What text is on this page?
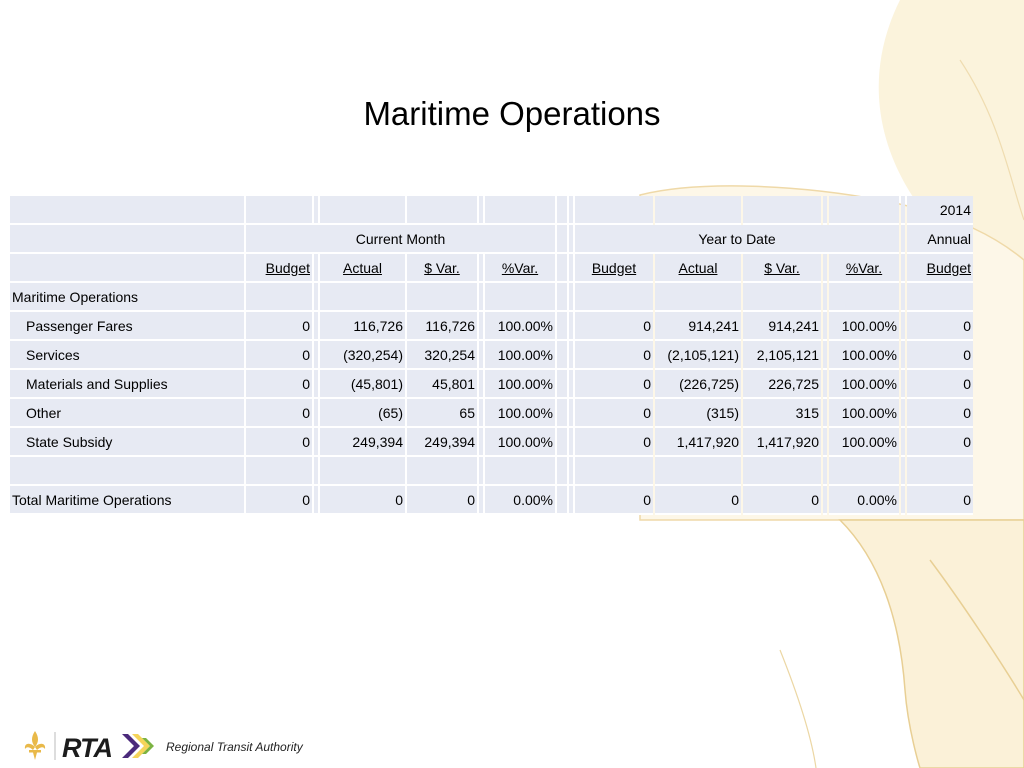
Maritime Operations
															2014
	Current Month								Year to Date						Annual
	Budget		Actual	$ Var.		%Var.			Budget	Actual	$ Var.		%Var.		Budget
Maritime Operations															
Passenger Fares	0		116,726	116,726		100.00%			0	914,241	914,241		100.00%		0
Services	0		(320,254)	320,254		100.00%			0	(2,105,121)	2,105,121		100.00%		0
Materials and Supplies	0		(45,801)	45,801		100.00%			0	(226,725)	226,725		100.00%		0
Other	0		(65)	65		100.00%			0	(315)	315		100.00%		0
State Subsidy	0		249,394	249,394		100.00%			0	1,417,920	1,417,920		100.00%		0

Total Maritime Operations	0		0	0		0.00%			0	0	0		0.00%		0
RTA	Regional Transit Authority
